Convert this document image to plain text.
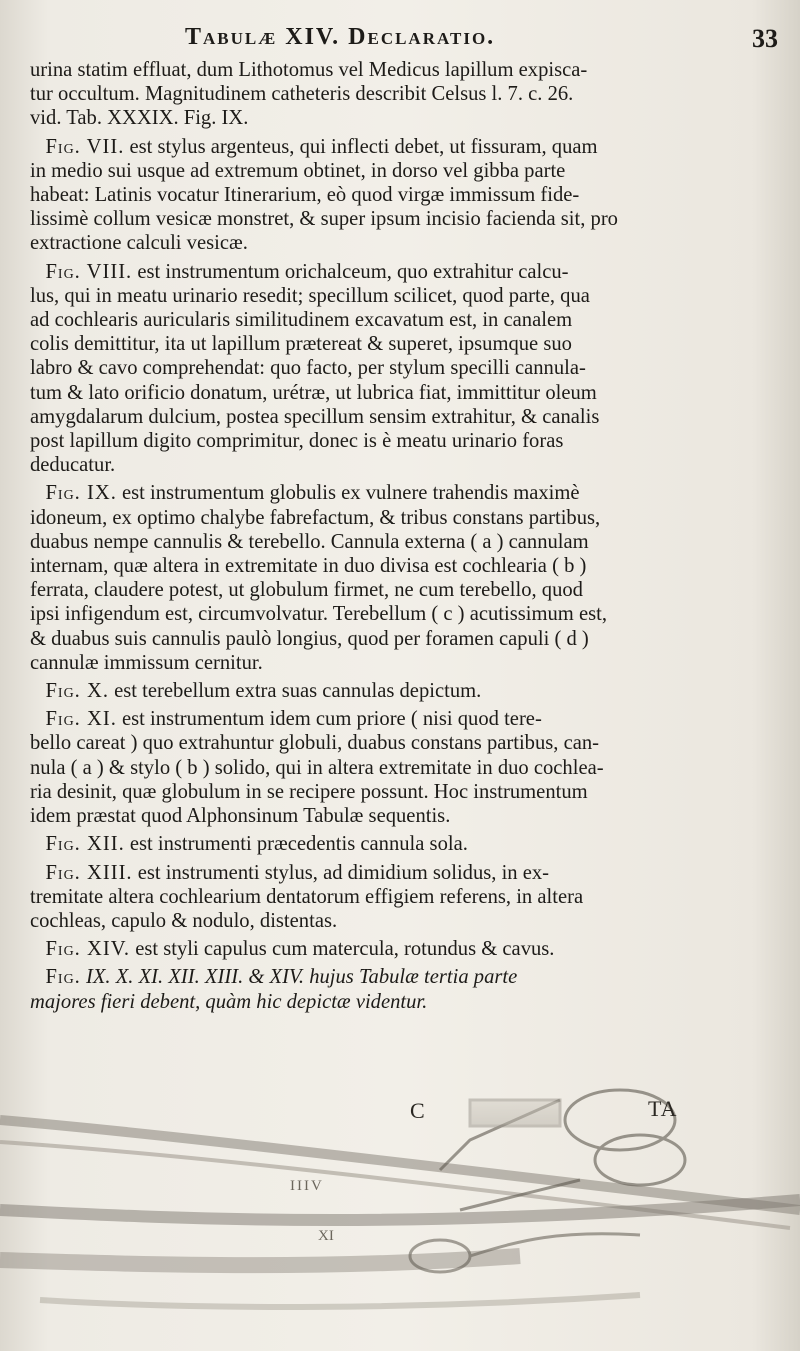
Tabulæ XIV. Declaratio.	33
urina statim effluat, dum Lithotomus vel Medicus lapillum expisca-
tur occultum. Magnitudinem catheteris describit Celsus l. 7. c. 26.
vid. Tab. XXXIX. Fig. IX.
Fig. VII. est stylus argenteus, qui inflecti debet, ut fissuram, quam
in medio sui usque ad extremum obtinet, in dorso vel gibba parte
habeat: Latinis vocatur Itinerarium, eò quod virgæ immissum fide-
lissimè collum vesicæ monstret, & super ipsum incisio facienda sit, pro
extractione calculi vesicæ.
Fig. VIII. est instrumentum orichalceum, quo extrahitur calcu-
lus, qui in meatu urinario resedit; specillum scilicet, quod parte, qua
ad cochlearis auricularis similitudinem excavatum est, in canalem
colis demittitur, ita ut lapillum prætereat & superet, ipsumque suo
labro & cavo comprehendat: quo facto, per stylum specilli cannula-
tum & lato orificio donatum, urétræ, ut lubrica fiat, immittitur oleum
amygdalarum dulcium, postea specillum sensim extrahitur, & canalis
post lapillum digito comprimitur, donec is è meatu urinario foras
deducatur.
Fig. IX. est instrumentum globulis ex vulnere trahendis maximè
idoneum, ex optimo chalybe fabrefactum, & tribus constans partibus,
duabus nempe cannulis & terebello. Cannula externa ( a ) cannulam
internam, quæ altera in extremitate in duo divisa est cochlearia ( b )
ferrata, claudere potest, ut globulum firmet, ne cum terebello, quod
ipsi infigendum est, circumvolvatur. Terebellum ( c ) acutissimum est,
& duabus suis cannulis paulò longius, quod per foramen capuli ( d )
cannulæ immissum cernitur.
Fig. X. est terebellum extra suas cannulas depictum.
Fig. XI. est instrumentum idem cum priore ( nisi quod tere-
bello careat ) quo extrahuntur globuli, duabus constans partibus, can-
nula ( a ) & stylo ( b ) solido, qui in altera extremitate in duo cochlea-
ria desinit, quæ globulum in se recipere possunt. Hoc instrumentum
idem præstat quod Alphonsinum Tabulæ sequentis.
Fig. XII. est instrumenti præcedentis cannula sola.
Fig. XIII. est instrumenti stylus, ad dimidium solidus, in ex-
tremitate altera cochlearium dentatorum effigiem referens, in altera
cochleas, capulo & nodulo, distentas.
Fig. XIV. est styli capulus cum matercula, rotundus & cavus.
Fig. IX. X. XI. XII. XIII. & XIV. hujus Tabulæ tertia parte
majores fieri debent, quàm hic depictæ videntur.
C	TA
IIIV
XI
